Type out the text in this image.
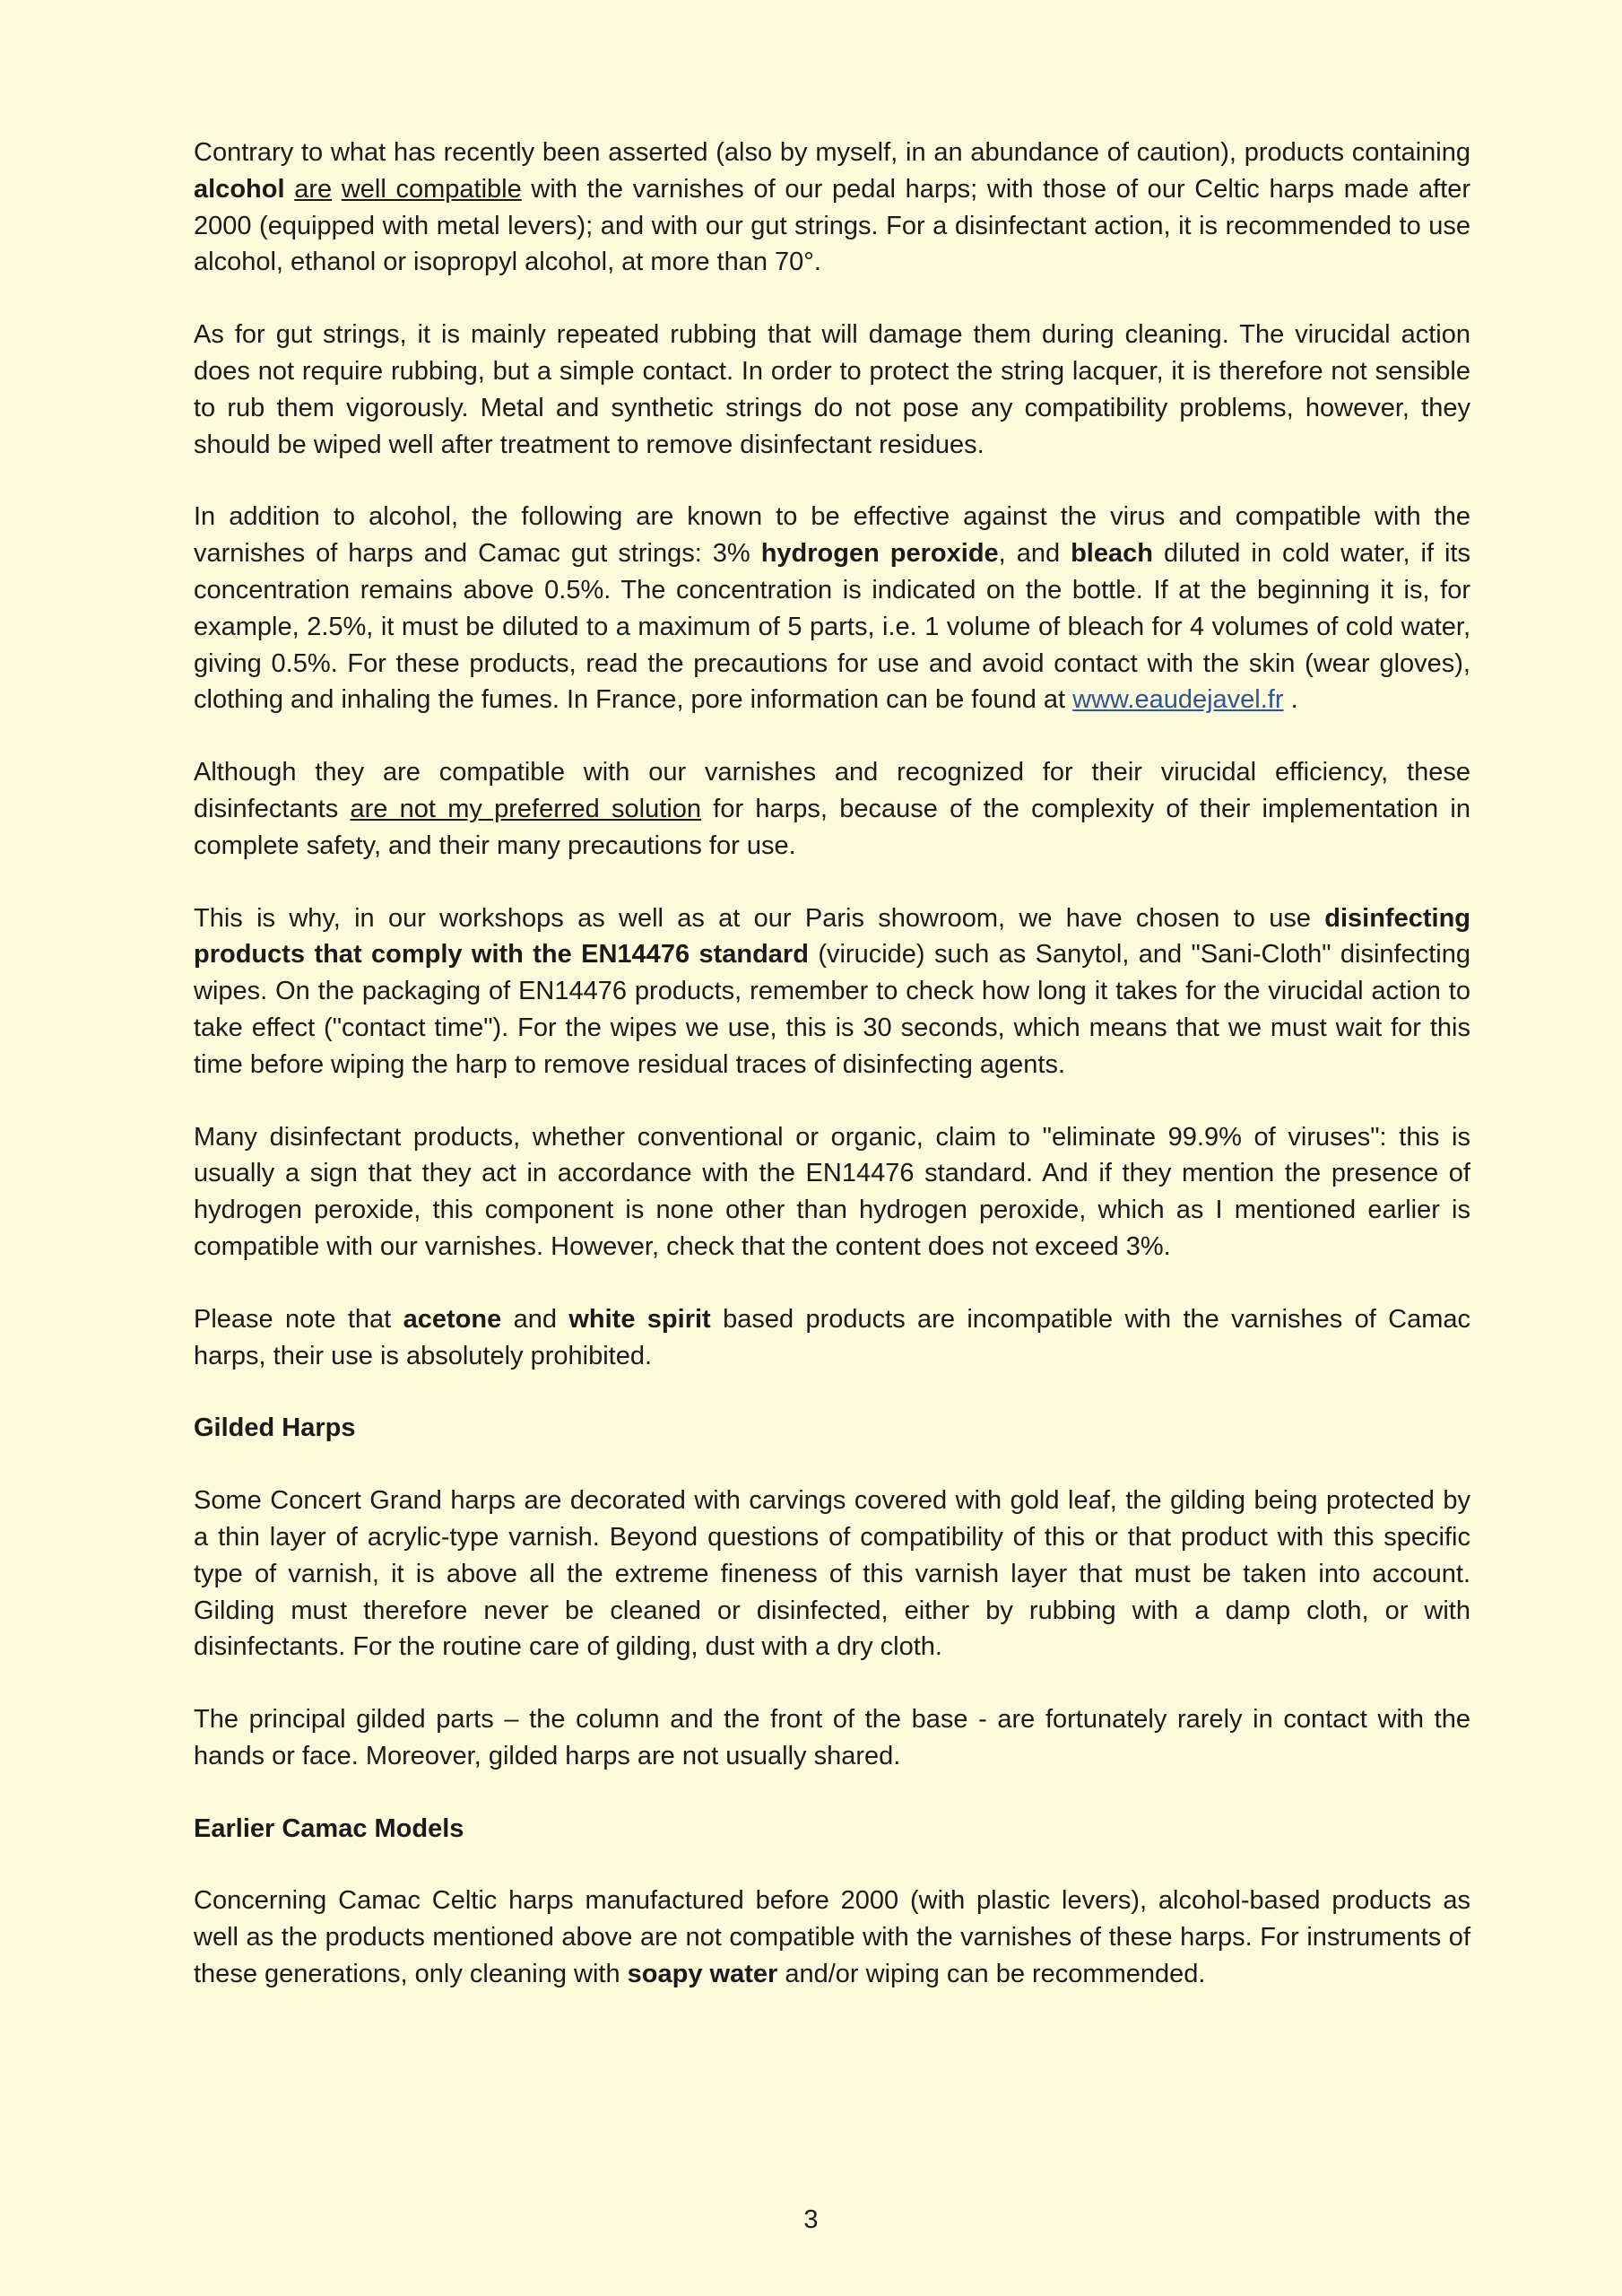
Contrary to what has recently been asserted (also by myself, in an abundance of caution), products containing alcohol are well compatible with the varnishes of our pedal harps; with those of our Celtic harps made after 2000 (equipped with metal levers); and with our gut strings. For a disinfectant action, it is recommended to use alcohol, ethanol or isopropyl alcohol, at more than 70°.

As for gut strings, it is mainly repeated rubbing that will damage them during cleaning. The virucidal action does not require rubbing, but a simple contact. In order to protect the string lacquer, it is therefore not sensible to rub them vigorously. Metal and synthetic strings do not pose any compatibility problems, however, they should be wiped well after treatment to remove disinfectant residues.

In addition to alcohol, the following are known to be effective against the virus and compatible with the varnishes of harps and Camac gut strings: 3% hydrogen peroxide, and bleach diluted in cold water, if its concentration remains above 0.5%. The concentration is indicated on the bottle. If at the beginning it is, for example, 2.5%, it must be diluted to a maximum of 5 parts, i.e. 1 volume of bleach for 4 volumes of cold water, giving 0.5%. For these products, read the precautions for use and avoid contact with the skin (wear gloves), clothing and inhaling the fumes. In France, pore information can be found at www.eaudejavel.fr .

Although they are compatible with our varnishes and recognized for their virucidal efficiency, these disinfectants are not my preferred solution for harps, because of the complexity of their implementation in complete safety, and their many precautions for use.

This is why, in our workshops as well as at our Paris showroom, we have chosen to use disinfecting products that comply with the EN14476 standard (virucide) such as Sanytol, and "Sani-Cloth" disinfecting wipes. On the packaging of EN14476 products, remember to check how long it takes for the virucidal action to take effect ("contact time"). For the wipes we use, this is 30 seconds, which means that we must wait for this time before wiping the harp to remove residual traces of disinfecting agents.

Many disinfectant products, whether conventional or organic, claim to "eliminate 99.9% of viruses": this is usually a sign that they act in accordance with the EN14476 standard. And if they mention the presence of hydrogen peroxide, this component is none other than hydrogen peroxide, which as I mentioned earlier is compatible with our varnishes. However, check that the content does not exceed 3%.

Please note that acetone and white spirit based products are incompatible with the varnishes of Camac harps, their use is absolutely prohibited.

Gilded Harps

Some Concert Grand harps are decorated with carvings covered with gold leaf, the gilding being protected by a thin layer of acrylic-type varnish. Beyond questions of compatibility of this or that product with this specific type of varnish, it is above all the extreme fineness of this varnish layer that must be taken into account. Gilding must therefore never be cleaned or disinfected, either by rubbing with a damp cloth, or with disinfectants. For the routine care of gilding, dust with a dry cloth.

The principal gilded parts – the column and the front of the base - are fortunately rarely in contact with the hands or face. Moreover, gilded harps are not usually shared.

Earlier Camac Models

Concerning Camac Celtic harps manufactured before 2000 (with plastic levers), alcohol-based products as well as the products mentioned above are not compatible with the varnishes of these harps. For instruments of these generations, only cleaning with soapy water and/or wiping can be recommended.

3
